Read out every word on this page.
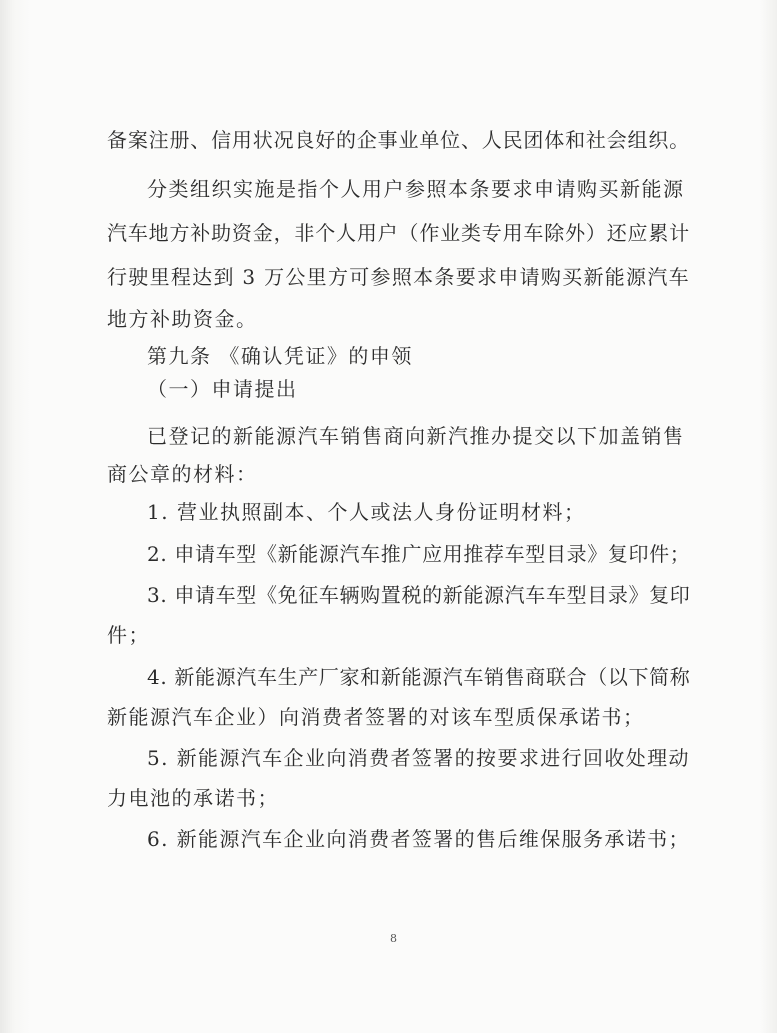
备案注册、信用状况良好的企事业单位、人民团体和社会组织。
分类组织实施是指个人用户参照本条要求申请购买新能源
汽车地方补助资金，非个人用户（作业类专用车除外）还应累计
行驶里程达到 3 万公里方可参照本条要求申请购买新能源汽车
地方补助资金。
第九条 《确认凭证》的申领
（一）申请提出
已登记的新能源汽车销售商向新汽推办提交以下加盖销售
商公章的材料：
1. 营业执照副本、个人或法人身份证明材料；
2. 申请车型《新能源汽车推广应用推荐车型目录》复印件；
3. 申请车型《免征车辆购置税的新能源汽车车型目录》复印
件；
4. 新能源汽车生产厂家和新能源汽车销售商联合（以下简称
新能源汽车企业）向消费者签署的对该车型质保承诺书；
5. 新能源汽车企业向消费者签署的按要求进行回收处理动
力电池的承诺书；
6. 新能源汽车企业向消费者签署的售后维保服务承诺书；
8
